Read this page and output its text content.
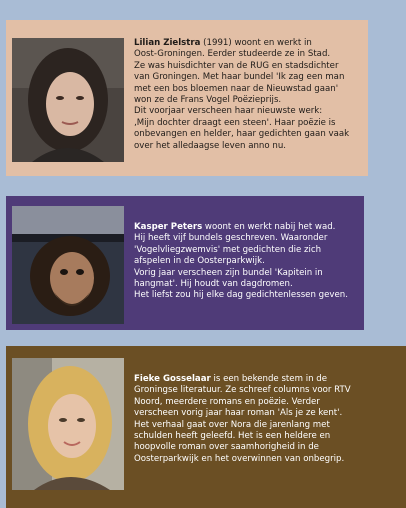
Lilian Zielstra (1991) woont en werkt in
Oost-Groningen. Eerder studeerde ze in Stad.
Ze was huisdichter van de RUG en stadsdichter
van Groningen. Met haar bundel 'Ik zag een man
met een bos bloemen naar de Nieuwstad gaan'
won ze de Frans Vogel Poëzieprijs.
Dit voorjaar verscheen haar nieuwste werk:
‚Mijn dochter draagt een steen'. Haar poëzie is
onbevangen en helder, haar gedichten gaan vaak
over het alledaagse leven anno nu.
Kasper Peters woont en werkt nabij het wad.
Hij heeft vijf bundels geschreven. Waaronder
'Vogelvliegzwemvis' met gedichten die zich
afspelen in de Oosterparkwijk.
Vorig jaar verscheen zijn bundel 'Kapitein in
hangmat'. Hij houdt van dagdromen.
Het liefst zou hij elke dag gedichtenlessen geven.
Fieke Gosselaar is een bekende stem in de
Groningse literatuur. Ze schreef columns voor RTV
Noord, meerdere romans en poëzie. Verder
verscheen vorig jaar haar roman 'Als je ze kent'.
Het verhaal gaat over Nora die jarenlang met
schulden heeft geleefd. Het is een heldere en
hoopvolle roman over saamhorigheid in de
Oosterparkwijk en het overwinnen van onbegrip.
